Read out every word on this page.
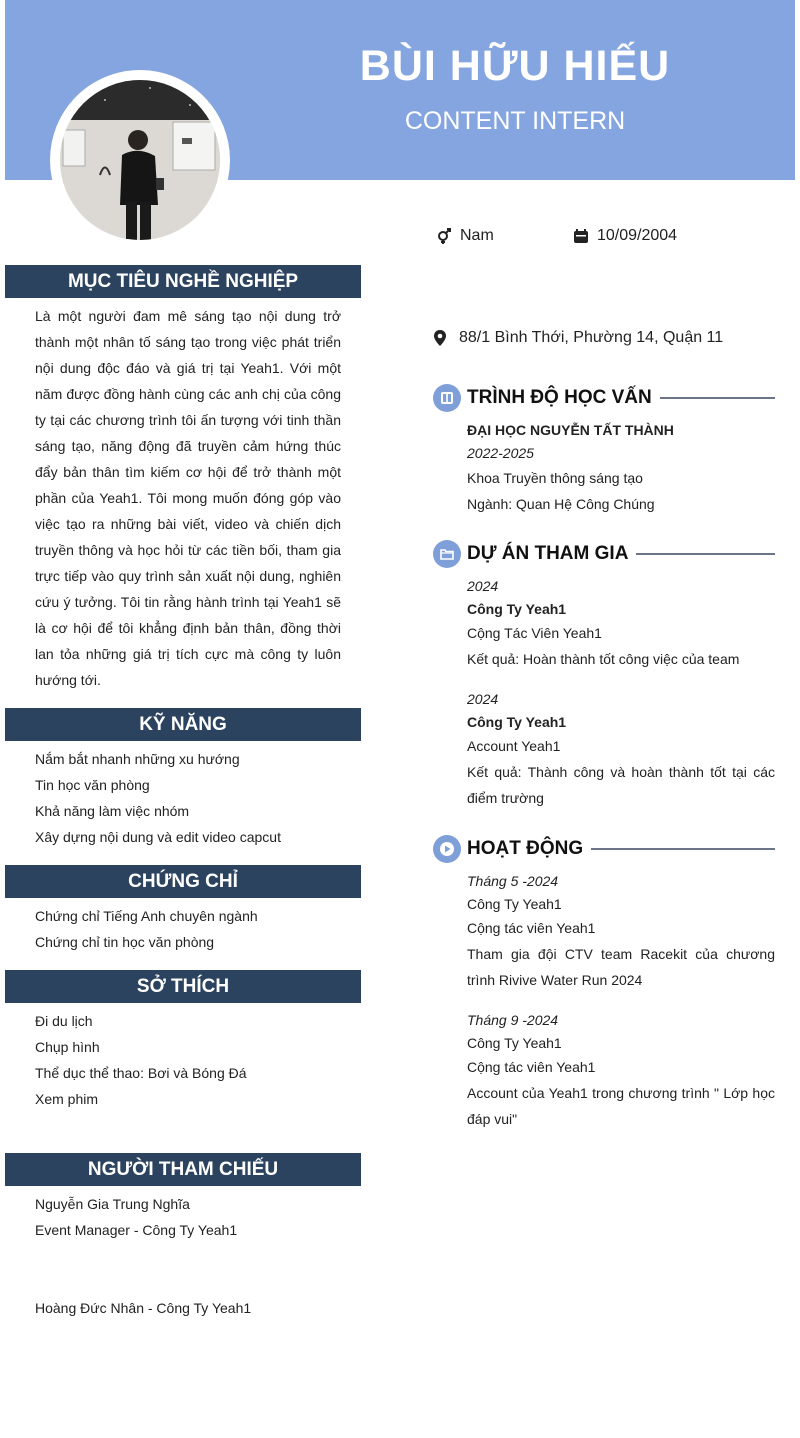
BÙI HỮU HIẾU
CONTENT INTERN
Nam	10/09/2004
88/1 Bình Thới, Phường 14, Quận 11
MỤC TIÊU NGHỀ NGHIỆP
Là một người đam mê sáng tạo nội dung trở thành một nhân tố sáng tạo trong việc phát triển nội dung độc đáo và giá trị tại Yeah1. Với một năm được đồng hành cùng các anh chị của công ty tại các chương trình tôi ấn tượng với tinh thần sáng tạo, năng động đã truyền cảm hứng thúc đẩy bản thân tìm kiếm cơ hội để trở thành một phần của Yeah1. Tôi mong muốn đóng góp vào việc tạo ra những bài viết, video và chiến dịch truyền thông và học hỏi từ các tiền bối, tham gia trực tiếp vào quy trình sản xuất nội dung, nghiên cứu ý tưởng. Tôi tin rằng hành trình tại Yeah1 sẽ là cơ hội để tôi khẳng định bản thân, đồng thời lan tỏa những giá trị tích cực mà công ty luôn hướng tới.
KỸ NĂNG
Nắm bắt nhanh những xu hướng
Tin học văn phòng
Khả năng làm việc nhóm
Xây dựng nội dung và edit video capcut
CHỨNG CHỈ
Chứng chỉ Tiếng Anh chuyên ngành
Chứng chỉ tin học văn phòng
SỞ THÍCH
Đi du lịch
Chụp hình
Thể dục thể thao: Bơi và Bóng Đá
Xem phim
NGƯỜI THAM CHIẾU
Nguyễn Gia Trung Nghĩa
Event Manager - Công Ty Yeah1
Hoàng Đức Nhân - Công Ty Yeah1
TRÌNH ĐỘ HỌC VẤN
ĐẠI HỌC NGUYỄN TẤT THÀNH
2022-2025
Khoa Truyền thông sáng tạo
Ngành: Quan Hệ Công Chúng
DỰ ÁN THAM GIA
2024
Công Ty Yeah1
Cộng Tác Viên Yeah1
Kết quả: Hoàn thành tốt công việc của team
2024
Công Ty Yeah1
Account Yeah1
Kết quả: Thành công và hoàn thành tốt tại các điểm trường
HOẠT ĐỘNG
Tháng 5 -2024
Công Ty Yeah1
Cộng tác viên Yeah1
Tham gia đội CTV team Racekit của chương trình Rivive Water Run 2024
Tháng 9 -2024
Công Ty Yeah1
Cộng tác viên Yeah1
Account của Yeah1 trong chương trình " Lớp học đáp vui"
